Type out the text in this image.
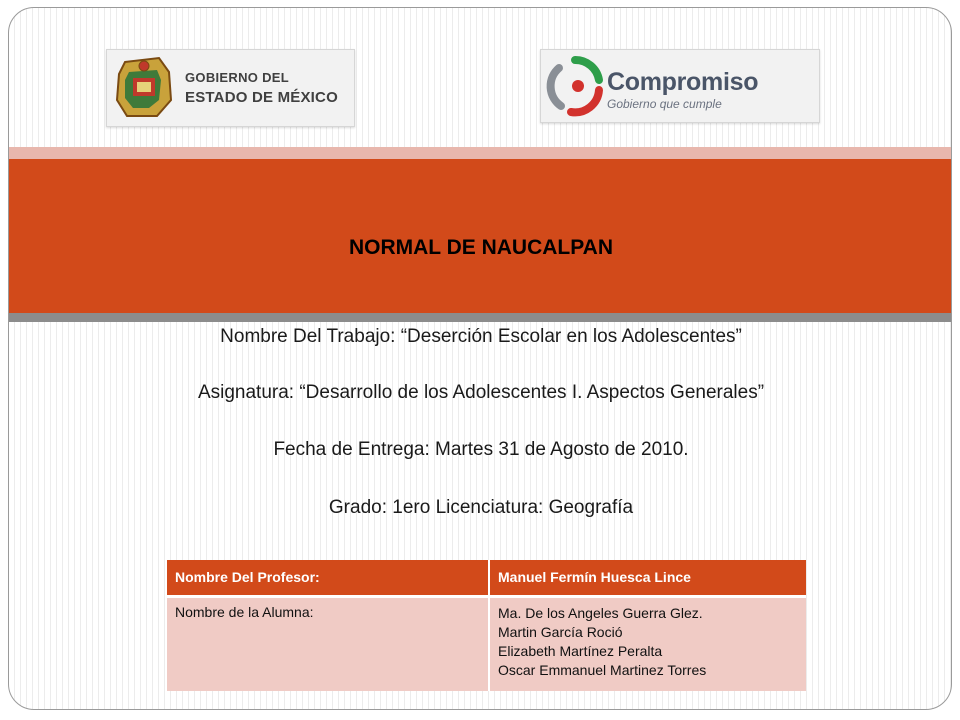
GOBIERNO DEL
ESTADO DE MÉXICO
Compromiso
Gobierno que cumple
NORMAL DE NAUCALPAN
Nombre Del Trabajo: “Deserción Escolar en los Adolescentes”
Asignatura: “Desarrollo de los Adolescentes I. Aspectos Generales”
Fecha de Entrega: Martes 31 de Agosto de 2010.
Grado: 1ero Licenciatura: Geografía
Nombre Del Profesor:	Manuel Fermín Huesca Lince
Nombre de la Alumna:	Ma. De los Angeles Guerra Glez.
Martin García Roció
Elizabeth Martínez Peralta
Oscar Emmanuel Martinez Torres
